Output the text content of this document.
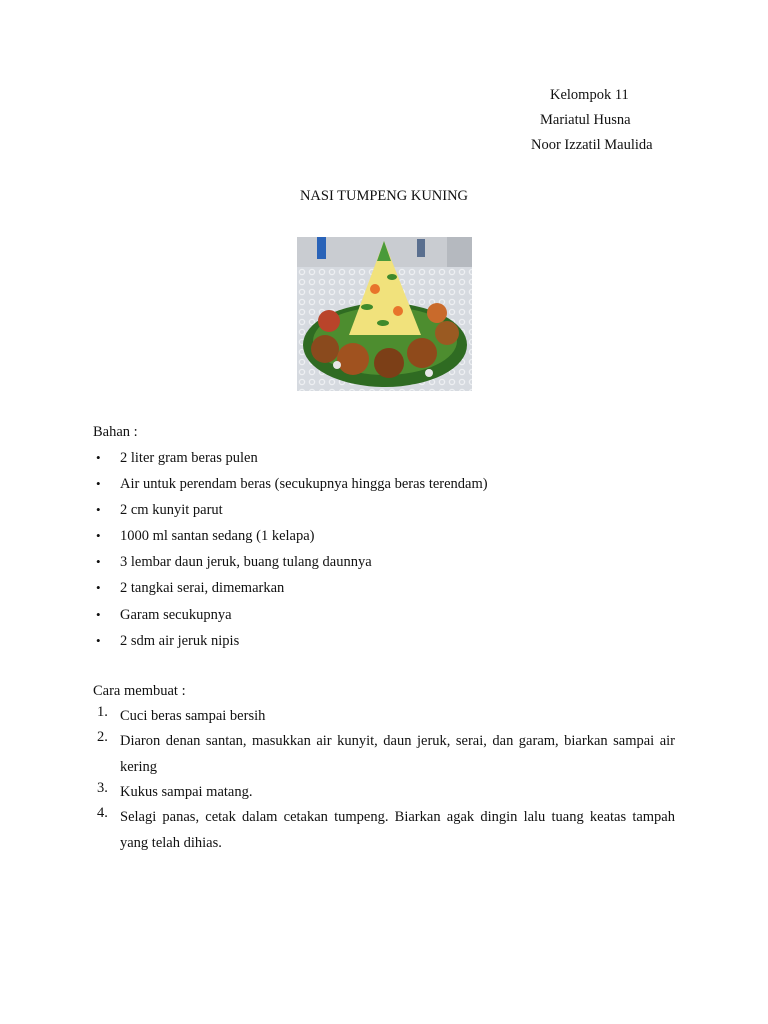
Kelompok 11
Mariatul Husna
Noor Izzatil Maulida
NASI TUMPENG KUNING
Bahan :
• 2 liter gram beras pulen
• Air untuk perendam beras (secukupnya hingga beras terendam)
• 2 cm kunyit parut
• 1000 ml santan sedang (1 kelapa)
• 3 lembar daun jeruk, buang tulang daunnya
• 2 tangkai serai, dimemarkan
• Garam secukupnya
• 2 sdm air jeruk nipis
Cara membuat :
1. Cuci beras sampai bersih
2. Diaron denan santan, masukkan air kunyit, daun jeruk, serai, dan garam, biarkan sampai air kering
3. Kukus sampai matang.
4. Selagi panas, cetak dalam cetakan tumpeng. Biarkan agak dingin lalu tuang keatas tampah yang telah dihias.
